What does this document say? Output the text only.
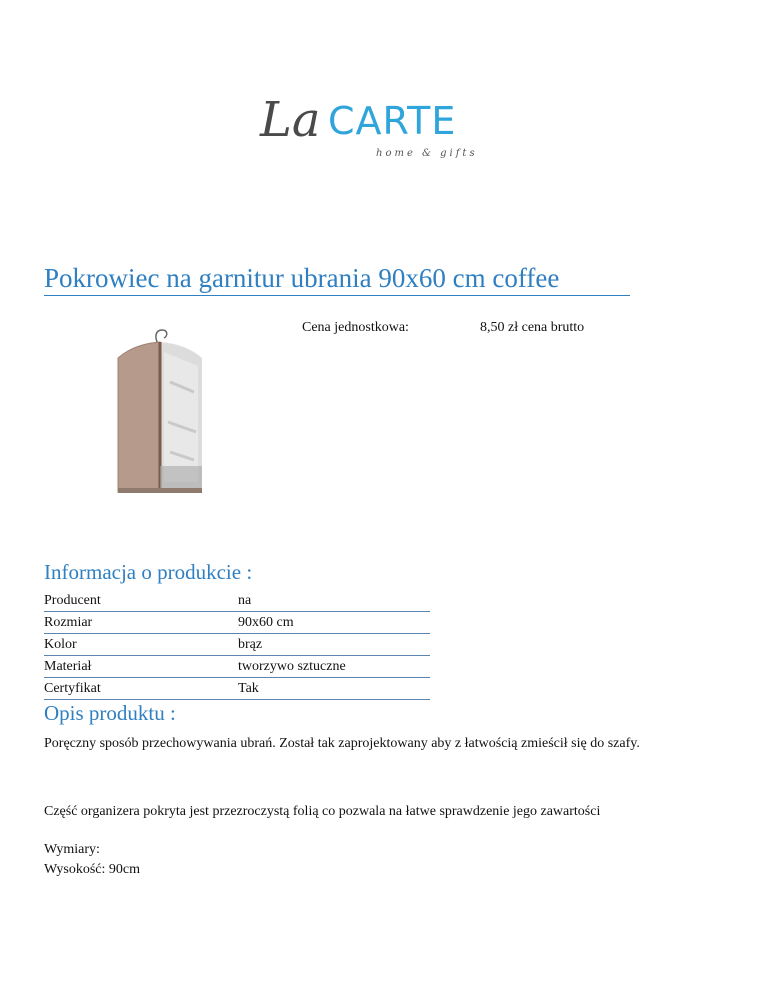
La CARTE
home & gifts
Pokrowiec na garnitur ubrania 90x60 cm coffee
Cena jednostkowa:	8,50 zł cena brutto
Informacja o produkcie :
Producent	na
Rozmiar	90x60 cm
Kolor	brąz
Materiał	tworzywo sztuczne
Certyfikat	Tak
Opis produktu :
Poręczny sposób przechowywania ubrań. Został tak zaprojektowany aby z łatwością zmieścił się do szafy.
Część organizera pokryta jest przezroczystą folią co pozwala na łatwe sprawdzenie jego zawartości
Wymiary:
Wysokość: 90cm
